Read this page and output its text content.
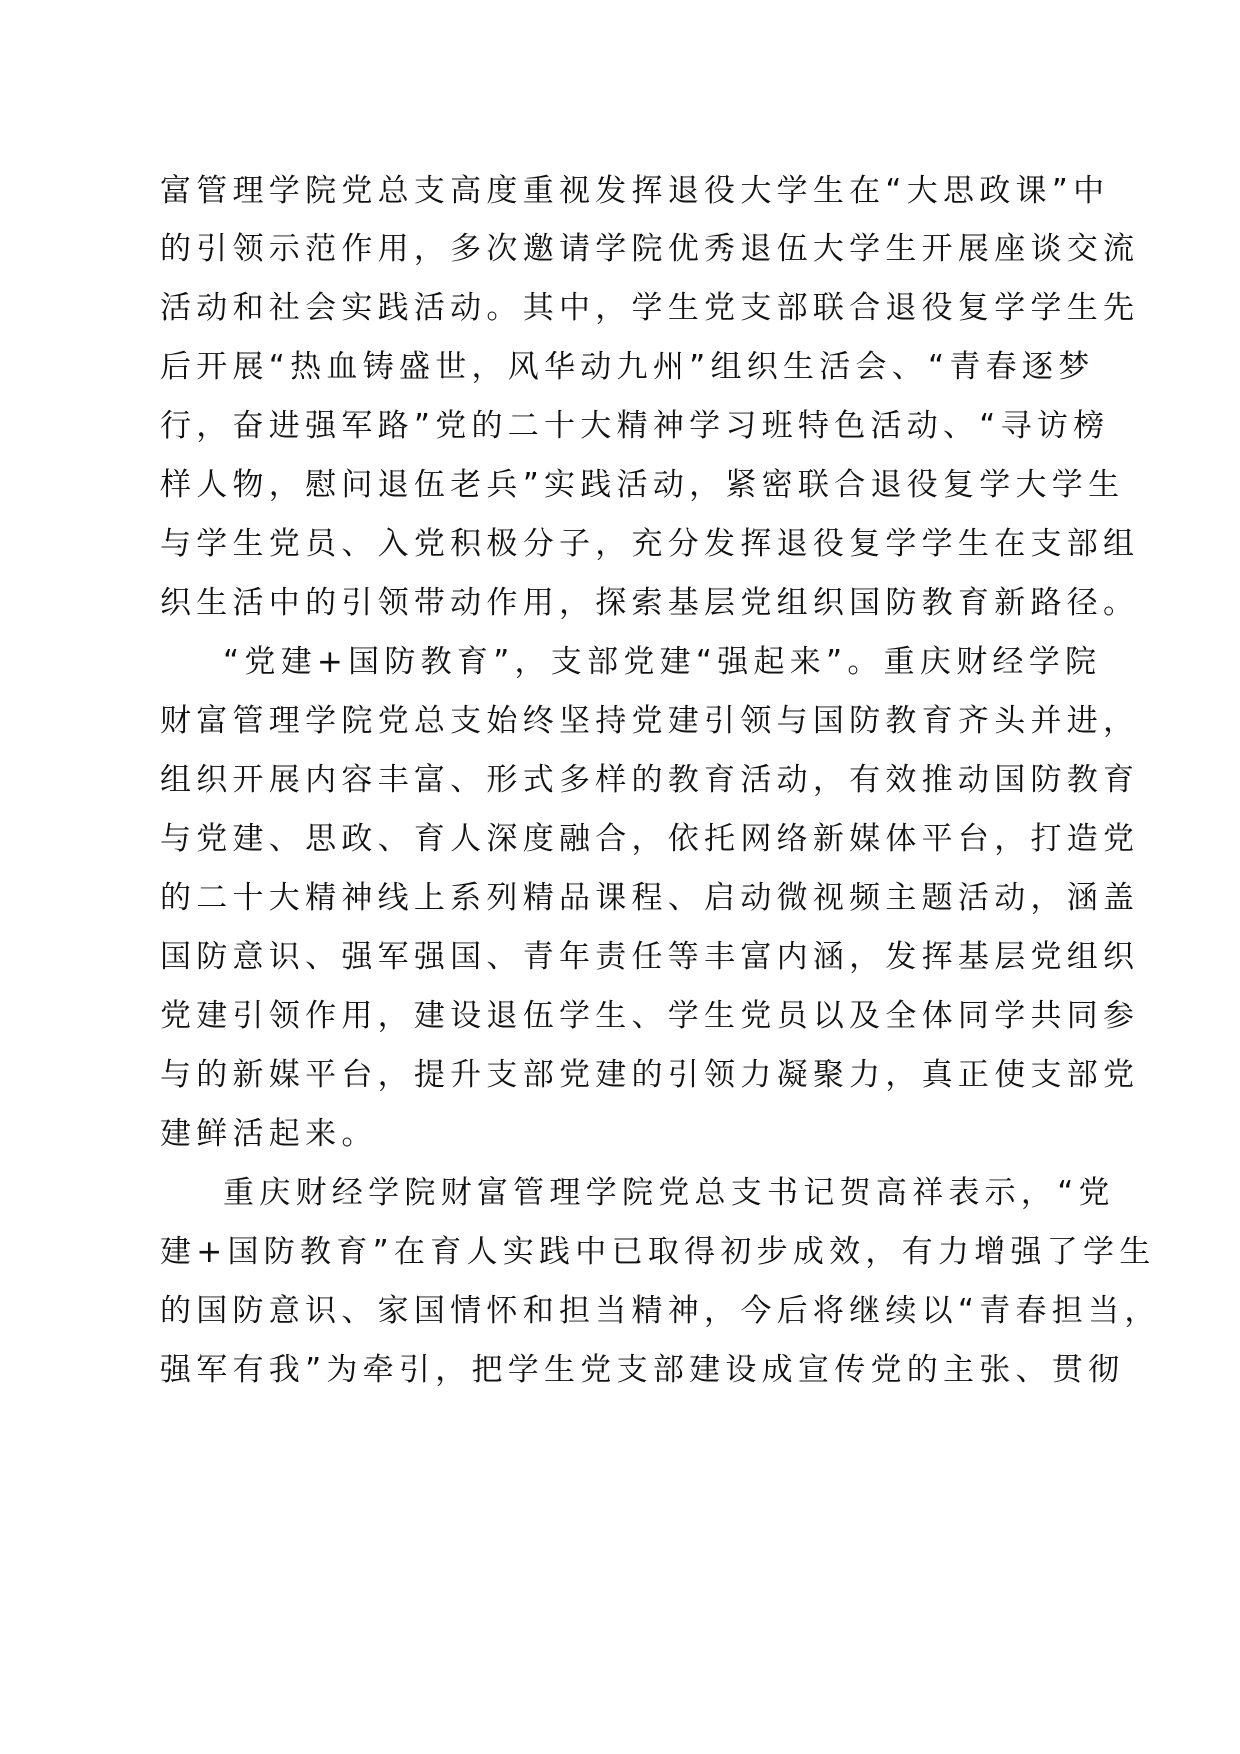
富管理学院党总支高度重视发挥退役大学生在“大思政课”中
的引领示范作用，多次邀请学院优秀退伍大学生开展座谈交流
活动和社会实践活动。其中，学生党支部联合退役复学学生先
后开展“热血铸盛世，风华动九州”组织生活会、“青春逐梦
行，奋进强军路”党的二十大精神学习班特色活动、“寻访榜
样人物，慰问退伍老兵”实践活动，紧密联合退役复学大学生
与学生党员、入党积极分子，充分发挥退役复学学生在支部组
织生活中的引领带动作用，探索基层党组织国防教育新路径。
“党建+国防教育”，支部党建“强起来”。重庆财经学院
财富管理学院党总支始终坚持党建引领与国防教育齐头并进，
组织开展内容丰富、形式多样的教育活动，有效推动国防教育
与党建、思政、育人深度融合，依托网络新媒体平台，打造党
的二十大精神线上系列精品课程、启动微视频主题活动，涵盖
国防意识、强军强国、青年责任等丰富内涵，发挥基层党组织
党建引领作用，建设退伍学生、学生党员以及全体同学共同参
与的新媒平台，提升支部党建的引领力凝聚力，真正使支部党
建鲜活起来。
重庆财经学院财富管理学院党总支书记贺高祥表示，“党
建+国防教育”在育人实践中已取得初步成效，有力增强了学生
的国防意识、家国情怀和担当精神，今后将继续以“青春担当，
强军有我”为牵引，把学生党支部建设成宣传党的主张、贯彻
